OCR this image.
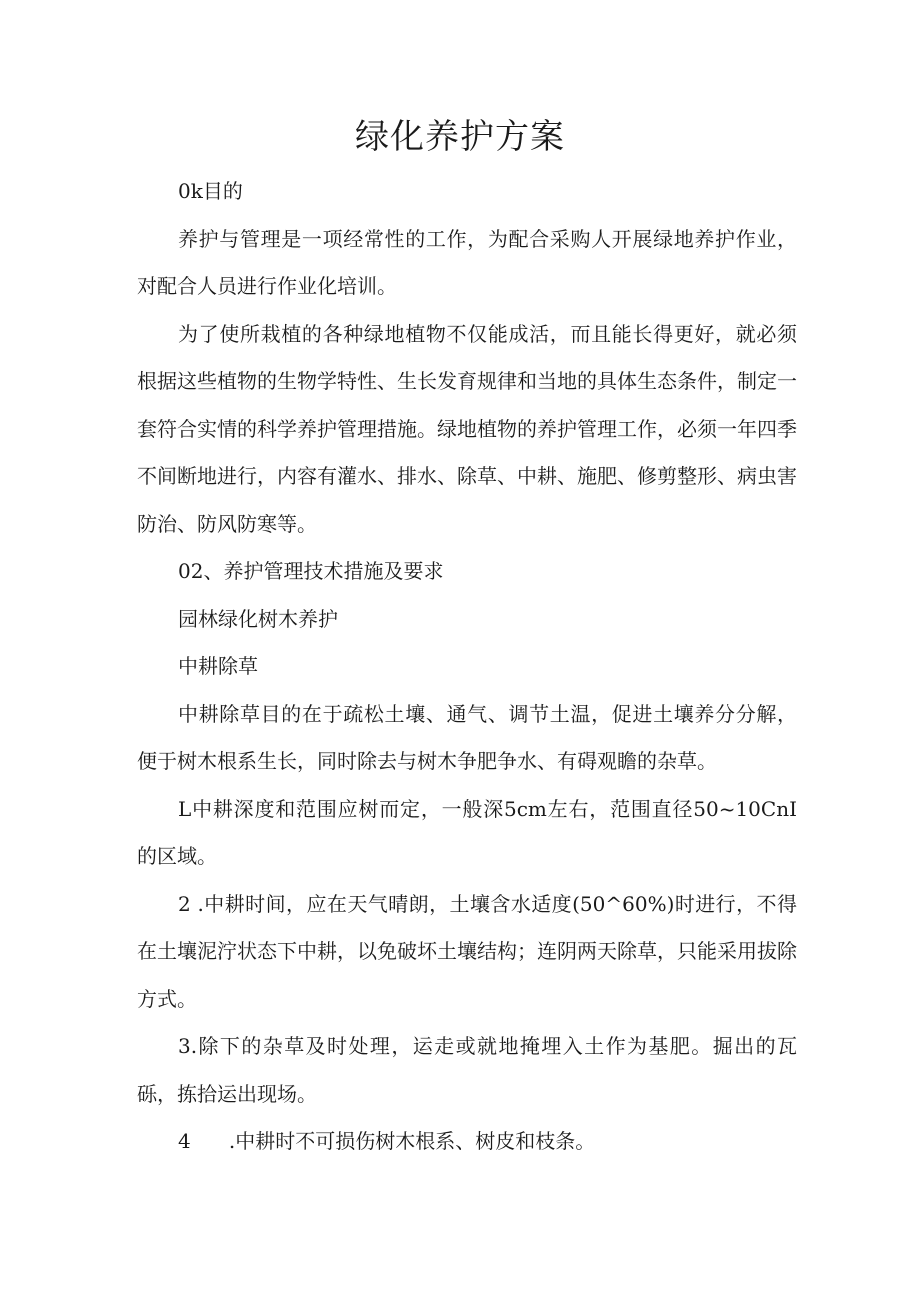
绿化养护方案

0k目的

养护与管理是一项经常性的工作，为配合采购人开展绿地养护作业，对配合人员进行作业化培训。

为了使所栽植的各种绿地植物不仅能成活，而且能长得更好，就必须根据这些植物的生物学特性、生长发育规律和当地的具体生态条件，制定一套符合实情的科学养护管理措施。绿地植物的养护管理工作，必须一年四季不间断地进行，内容有灌水、排水、除草、中耕、施肥、修剪整形、病虫害防治、防风防寒等。

02、养护管理技术措施及要求

园林绿化树木养护

中耕除草

中耕除草目的在于疏松土壤、通气、调节土温，促进土壤养分分解，便于树木根系生长，同时除去与树木争肥争水、有碍观瞻的杂草。

L中耕深度和范围应树而定，一般深5cm左右，范围直径50~10CnI的区域。

2 .中耕时间，应在天气晴朗，土壤含水适度(50^60%)时进行，不得在土壤泥泞状态下中耕，以免破坏土壤结构；连阴两天除草，只能采用拔除方式。

3.除下的杂草及时处理，运走或就地掩埋入土作为基肥。掘出的瓦砾，拣拾运出现场。

4      .中耕时不可损伤树木根系、树皮和枝条。
